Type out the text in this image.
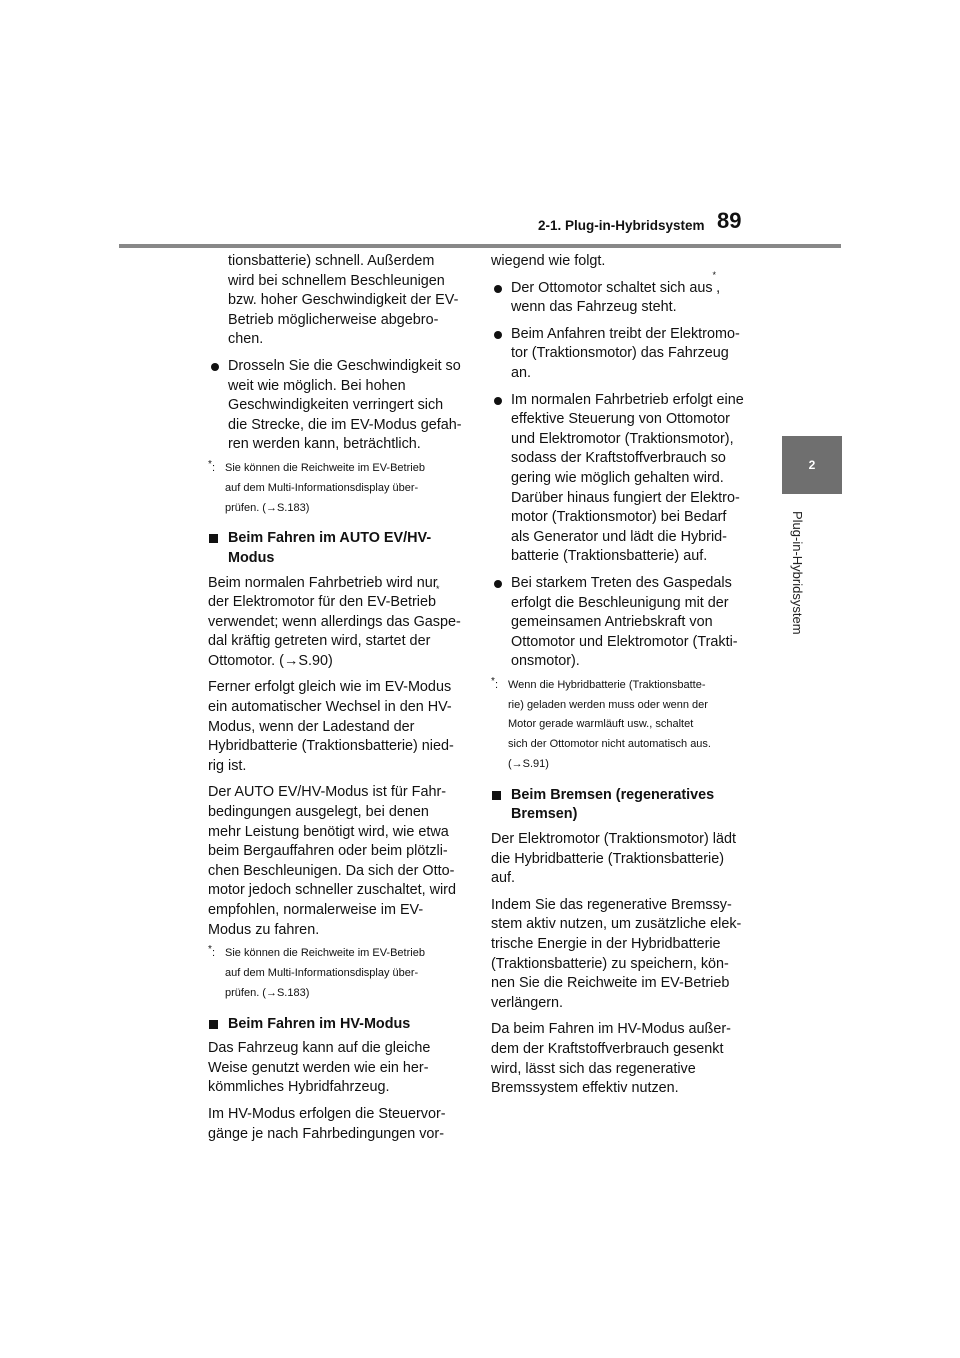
2-1. Plug-in-Hybridsystem 89
2
Plug-in-Hybridsystem

tionsbatterie) schnell. Außerdem
wird bei schnellem Beschleunigen
bzw. hoher Geschwindigkeit der EV-
Betrieb möglicherweise abgebro-
chen.

Drosseln Sie die Geschwindigkeit so
weit wie möglich. Bei hohen
Geschwindigkeiten verringert sich
die Strecke, die im EV-Modus gefah-
ren werden kann, beträchtlich.
* : Sie können die Reichweite im EV-Betrieb
auf dem Multi-Informationsdisplay über-
prüfen. (→S.183)
Beim Fahren im AUTO EV/HV-
Modus

Beim normalen Fahrbetrieb wird nur
der Elektromotor für den EV-Betrieb*
verwendet; wenn allerdings das Gaspe-
dal kräftig getreten wird, startet der
Ottomotor. (→S.90)

Ferner erfolgt gleich wie im EV-Modus
ein automatischer Wechsel in den HV-
Modus, wenn der Ladestand der
Hybridbatterie (Traktionsbatterie) nied-
rig ist.

Der AUTO EV/HV-Modus ist für Fahr-
bedingungen ausgelegt, bei denen
mehr Leistung benötigt wird, wie etwa
beim Bergauffahren oder beim plötzli-
chen Beschleunigen. Da sich der Otto-
motor jedoch schneller zuschaltet, wird
empfohlen, normalerweise im EV-
Modus zu fahren.

* : Sie können die Reichweite im EV-Betrieb
auf dem Multi-Informationsdisplay über-
prüfen. (→S.183)
Beim Fahren im HV-Modus

Das Fahrzeug kann auf die gleiche
Weise genutzt werden wie ein her-
kömmliches Hybridfahrzeug.

Im HV-Modus erfolgen die Steuervor-
gänge je nach Fahrbedingungen vor-

wiegend wie folgt.

Der Ottomotor schaltet sich aus*,
wenn das Fahrzeug steht.
Beim Anfahren treibt der Elektromo-
tor (Traktionsmotor) das Fahrzeug
an.
Im normalen Fahrbetrieb erfolgt eine
effektive Steuerung von Ottomotor
und Elektromotor (Traktionsmotor),
sodass der Kraftstoffverbrauch so
gering wie möglich gehalten wird.
Darüber hinaus fungiert der Elektro-
motor (Traktionsmotor) bei Bedarf
als Generator und lädt die Hybrid-
batterie (Traktionsbatterie) auf.
Bei starkem Treten des Gaspedals
erfolgt die Beschleunigung mit der
gemeinsamen Antriebskraft von
Ottomotor und Elektromotor (Trakti-
onsmotor).
* : Wenn die Hybridbatterie (Traktionsbatte-
rie) geladen werden muss oder wenn der
Motor gerade warmläuft usw., schaltet
sich der Ottomotor nicht automatisch aus.
(→S.91)
Beim Bremsen (regeneratives
Bremsen)

Der Elektromotor (Traktionsmotor) lädt
die Hybridbatterie (Traktionsbatterie)
auf.

Indem Sie das regenerative Bremssy-
stem aktiv nutzen, um zusätzliche elek-
trische Energie in der Hybridbatterie
(Traktionsbatterie) zu speichern, kön-
nen Sie die Reichweite im EV-Betrieb
verlängern.

Da beim Fahren im HV-Modus außer-
dem der Kraftstoffverbrauch gesenkt
wird, lässt sich das regenerative
Bremssystem effektiv nutzen.
